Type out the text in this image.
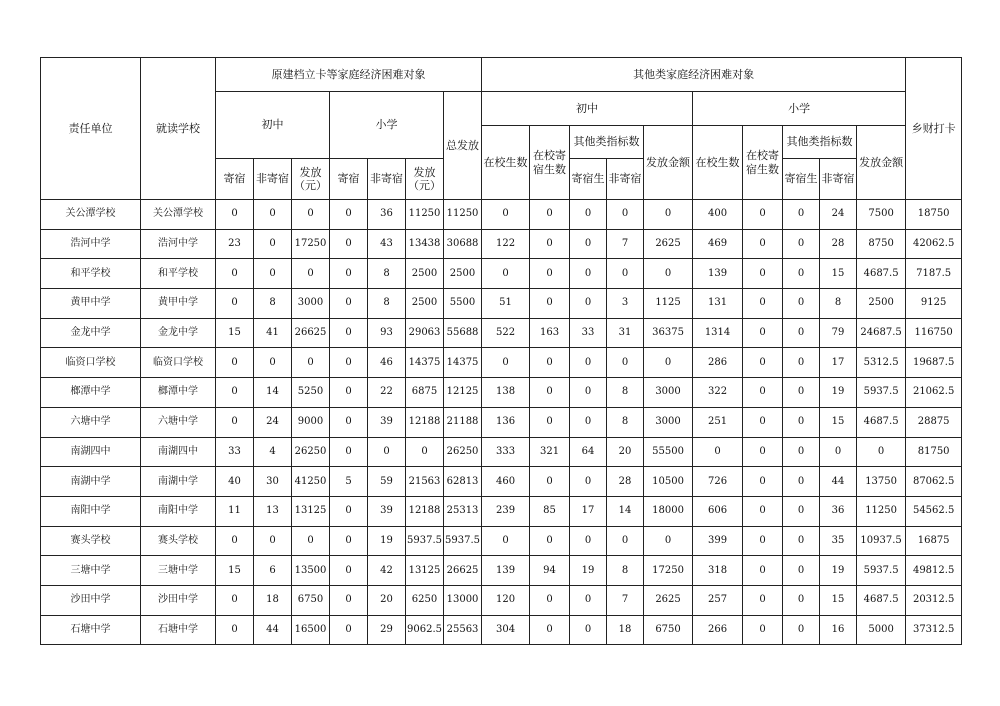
责任单位	就读学校	原建档立卡等家庭经济困难对象							其他类家庭经济困难对象										乡财打卡
		初中			小学			总发放	初中					小学					
									在校生数	在校寄宿生数	其他类指标数		发放金额	在校生数	在校寄宿生数	其他类指标数		发放金额	
		寄宿	非寄宿	发放（元）	寄宿	非寄宿	发放（元）				寄宿生	非寄宿				寄宿生	非寄宿		
关公潭学校	关公潭学校	0	0	0	0	36	11250	11250	0	0	0	0	0	400	0	0	24	7500	18750
浩河中学	浩河中学	23	0	17250	0	43	13438	30688	122	0	0	7	2625	469	0	0	28	8750	42062.5
和平学校	和平学校	0	0	0	0	8	2500	2500	0	0	0	0	0	139	0	0	15	4687.5	7187.5
黄甲中学	黄甲中学	0	8	3000	0	8	2500	5500	51	0	0	3	1125	131	0	0	8	2500	9125
金龙中学	金龙中学	15	41	26625	0	93	29063	55688	522	163	33	31	36375	1314	0	0	79	24687.5	116750
临资口学校	临资口学校	0	0	0	0	46	14375	14375	0	0	0	0	0	286	0	0	17	5312.5	19687.5
榔潭中学	榔潭中学	0	14	5250	0	22	6875	12125	138	0	0	8	3000	322	0	0	19	5937.5	21062.5
六塘中学	六塘中学	0	24	9000	0	39	12188	21188	136	0	0	8	3000	251	0	0	15	4687.5	28875
南湖四中	南湖四中	33	4	26250	0	0	0	26250	333	321	64	20	55500	0	0	0	0	0	81750
南湖中学	南湖中学	40	30	41250	5	59	21563	62813	460	0	0	28	10500	726	0	0	44	13750	87062.5
南阳中学	南阳中学	11	13	13125	0	39	12188	25313	239	85	17	14	18000	606	0	0	36	11250	54562.5
赛头学校	赛头学校	0	0	0	0	19	5937.5	5937.5	0	0	0	0	0	399	0	0	35	10937.5	16875
三塘中学	三塘中学	15	6	13500	0	42	13125	26625	139	94	19	8	17250	318	0	0	19	5937.5	49812.5
沙田中学	沙田中学	0	18	6750	0	20	6250	13000	120	0	0	7	2625	257	0	0	15	4687.5	20312.5
石塘中学	石塘中学	0	44	16500	0	29	9062.5	25563	304	0	0	18	6750	266	0	0	16	5000	37312.5
